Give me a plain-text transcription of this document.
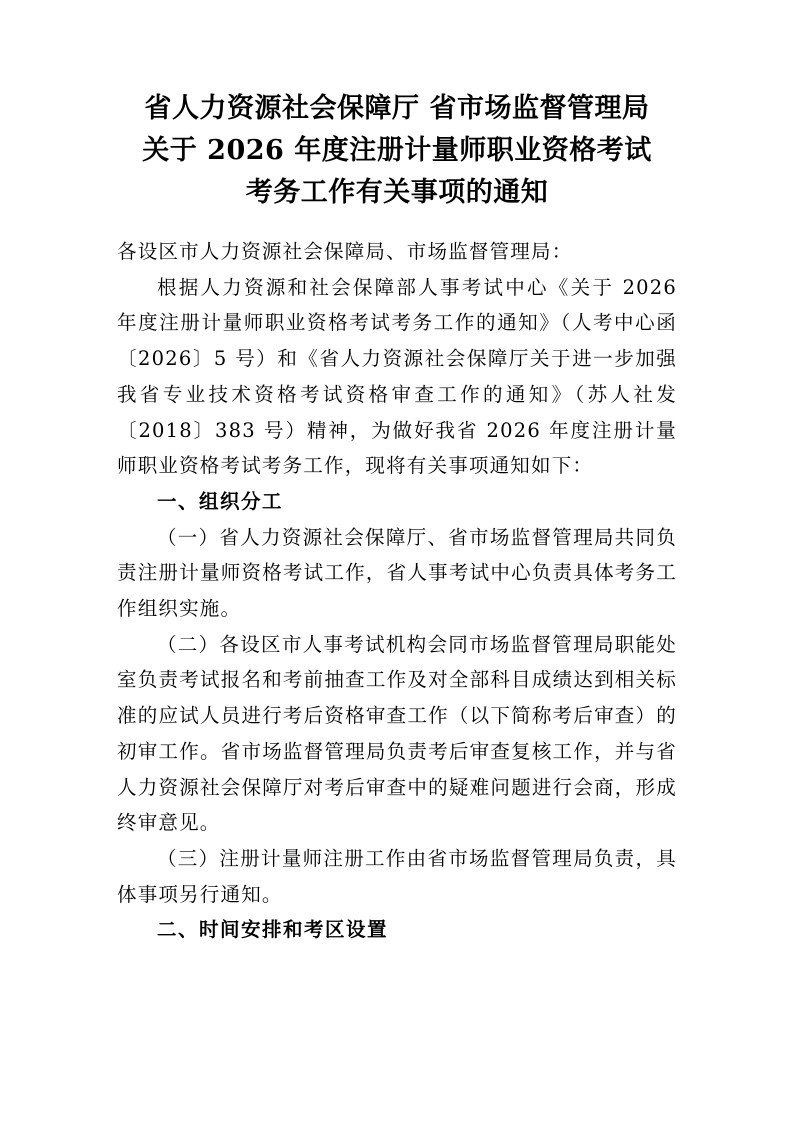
省人力资源社会保障厅 省市场监督管理局
关于 2026 年度注册计量师职业资格考试
考务工作有关事项的通知

各设区市人力资源社会保障局、市场监督管理局：

根据人力资源和社会保障部人事考试中心《关于 2026 年度注册计量师职业资格考试考务工作的通知》（人考中心函〔2026〕5 号）和《省人力资源社会保障厅关于进一步加强我省专业技术资格考试资格审查工作的通知》（苏人社发〔2018〕383 号）精神，为做好我省 2026 年度注册计量师职业资格考试考务工作，现将有关事项通知如下：

一、组织分工

（一）省人力资源社会保障厅、省市场监督管理局共同负责注册计量师资格考试工作，省人事考试中心负责具体考务工作组织实施。

（二）各设区市人事考试机构会同市场监督管理局职能处室负责考试报名和考前抽查工作及对全部科目成绩达到相关标准的应试人员进行考后资格审查工作（以下简称考后审查）的初审工作。省市场监督管理局负责考后审查复核工作，并与省人力资源社会保障厅对考后审查中的疑难问题进行会商，形成终审意见。

（三）注册计量师注册工作由省市场监督管理局负责，具体事项另行通知。

二、时间安排和考区设置
